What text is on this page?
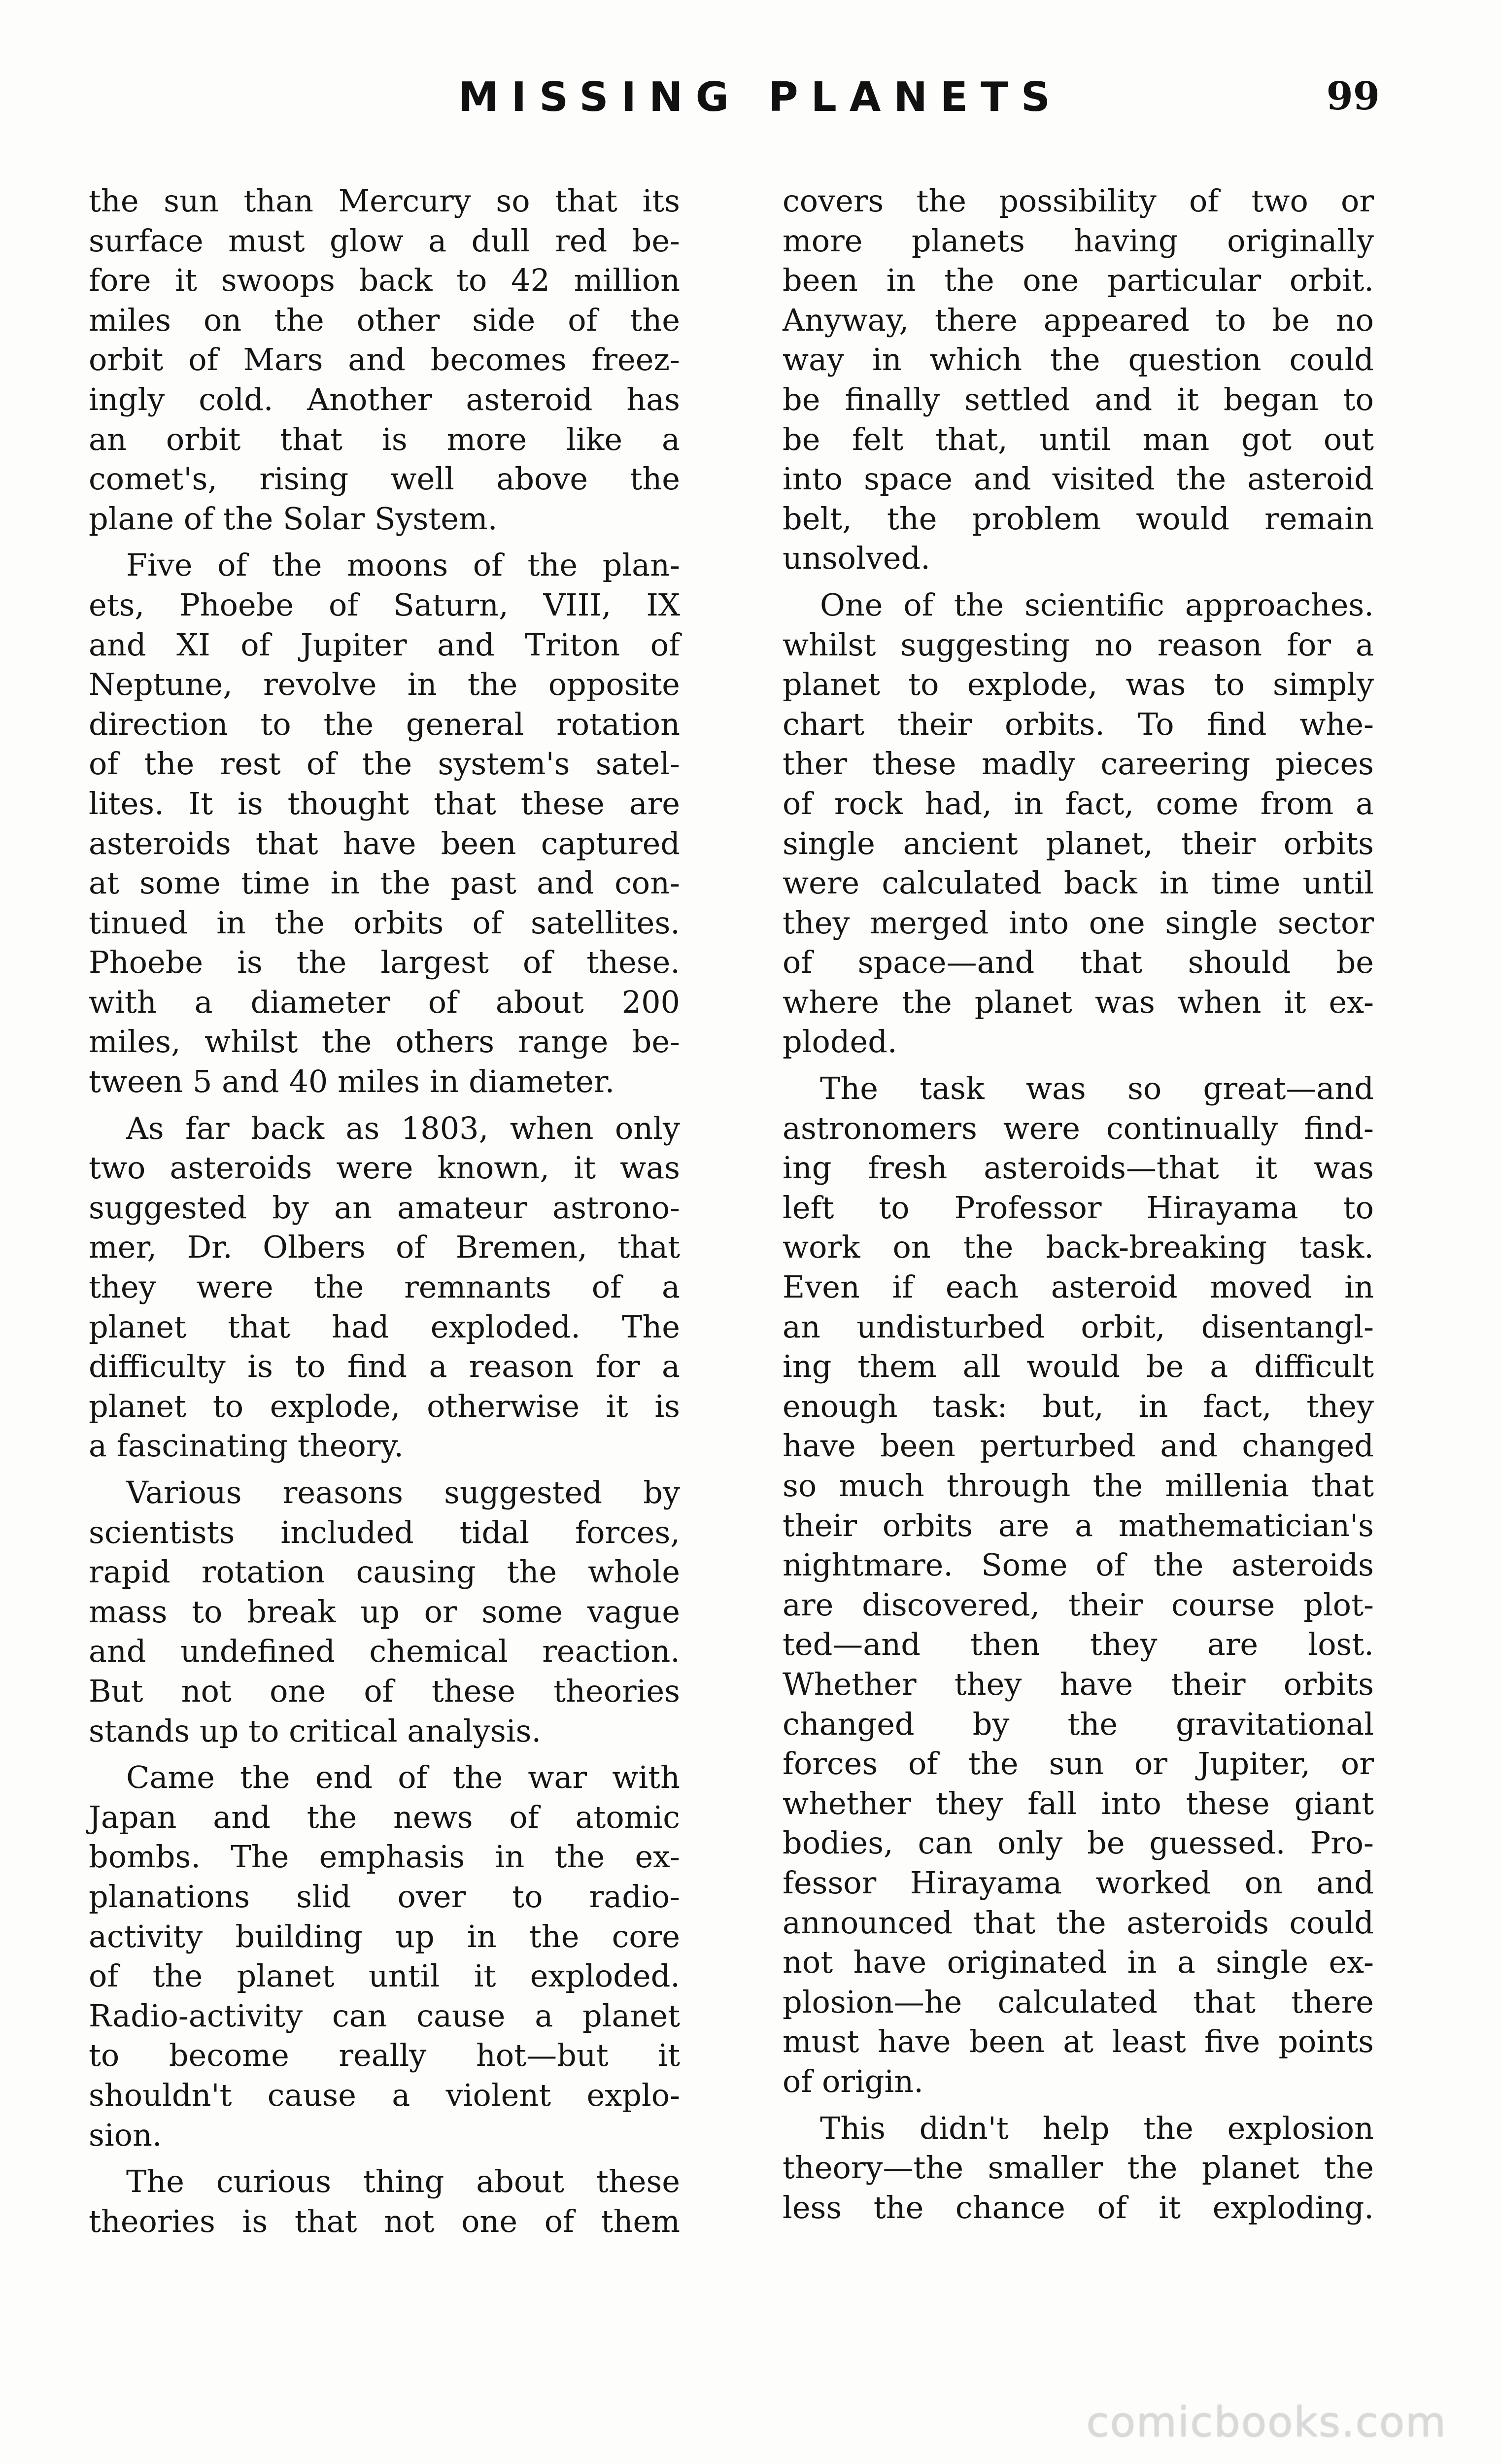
MISSING PLANETS	99
the sun than Mercury so that its
surface must glow a dull red be-
fore it swoops back to 42 million
miles on the other side of the
orbit of Mars and becomes freez-
ingly cold. Another asteroid has
an orbit that is more like a
comet's, rising well above the
plane of the Solar System.
Five of the moons of the plan-
ets, Phoebe of Saturn, VIII, IX
and XI of Jupiter and Triton of
Neptune, revolve in the opposite
direction to the general rotation
of the rest of the system's satel-
lites. It is thought that these are
asteroids that have been captured
at some time in the past and con-
tinued in the orbits of satellites.
Phoebe is the largest of these.
with a diameter of about 200
miles, whilst the others range be-
tween 5 and 40 miles in diameter.
As far back as 1803, when only
two asteroids were known, it was
suggested by an amateur astrono-
mer, Dr. Olbers of Bremen, that
they were the remnants of a
planet that had exploded. The
difficulty is to find a reason for a
planet to explode, otherwise it is
a fascinating theory.
Various reasons suggested by
scientists included tidal forces,
rapid rotation causing the whole
mass to break up or some vague
and undefined chemical reaction.
But not one of these theories
stands up to critical analysis.
Came the end of the war with
Japan and the news of atomic
bombs. The emphasis in the ex-
planations slid over to radio-
activity building up in the core
of the planet until it exploded.
Radio-activity can cause a planet
to become really hot—but it
shouldn't cause a violent explo-
sion.
The curious thing about these
theories is that not one of them
covers the possibility of two or
more planets having originally
been in the one particular orbit.
Anyway, there appeared to be no
way in which the question could
be finally settled and it began to
be felt that, until man got out
into space and visited the asteroid
belt, the problem would remain
unsolved.
One of the scientific approaches.
whilst suggesting no reason for a
planet to explode, was to simply
chart their orbits. To find whe-
ther these madly careering pieces
of rock had, in fact, come from a
single ancient planet, their orbits
were calculated back in time until
they merged into one single sector
of space—and that should be
where the planet was when it ex-
ploded.
The task was so great—and
astronomers were continually find-
ing fresh asteroids—that it was
left to Professor Hirayama to
work on the back-breaking task.
Even if each asteroid moved in
an undisturbed orbit, disentangl-
ing them all would be a difficult
enough task: but, in fact, they
have been perturbed and changed
so much through the millenia that
their orbits are a mathematician's
nightmare. Some of the asteroids
are discovered, their course plot-
ted—and then they are lost.
Whether they have their orbits
changed by the gravitational
forces of the sun or Jupiter, or
whether they fall into these giant
bodies, can only be guessed. Pro-
fessor Hirayama worked on and
announced that the asteroids could
not have originated in a single ex-
plosion—he calculated that there
must have been at least five points
of origin.
This didn't help the explosion
theory—the smaller the planet the
less the chance of it exploding.
comicbooks.com
